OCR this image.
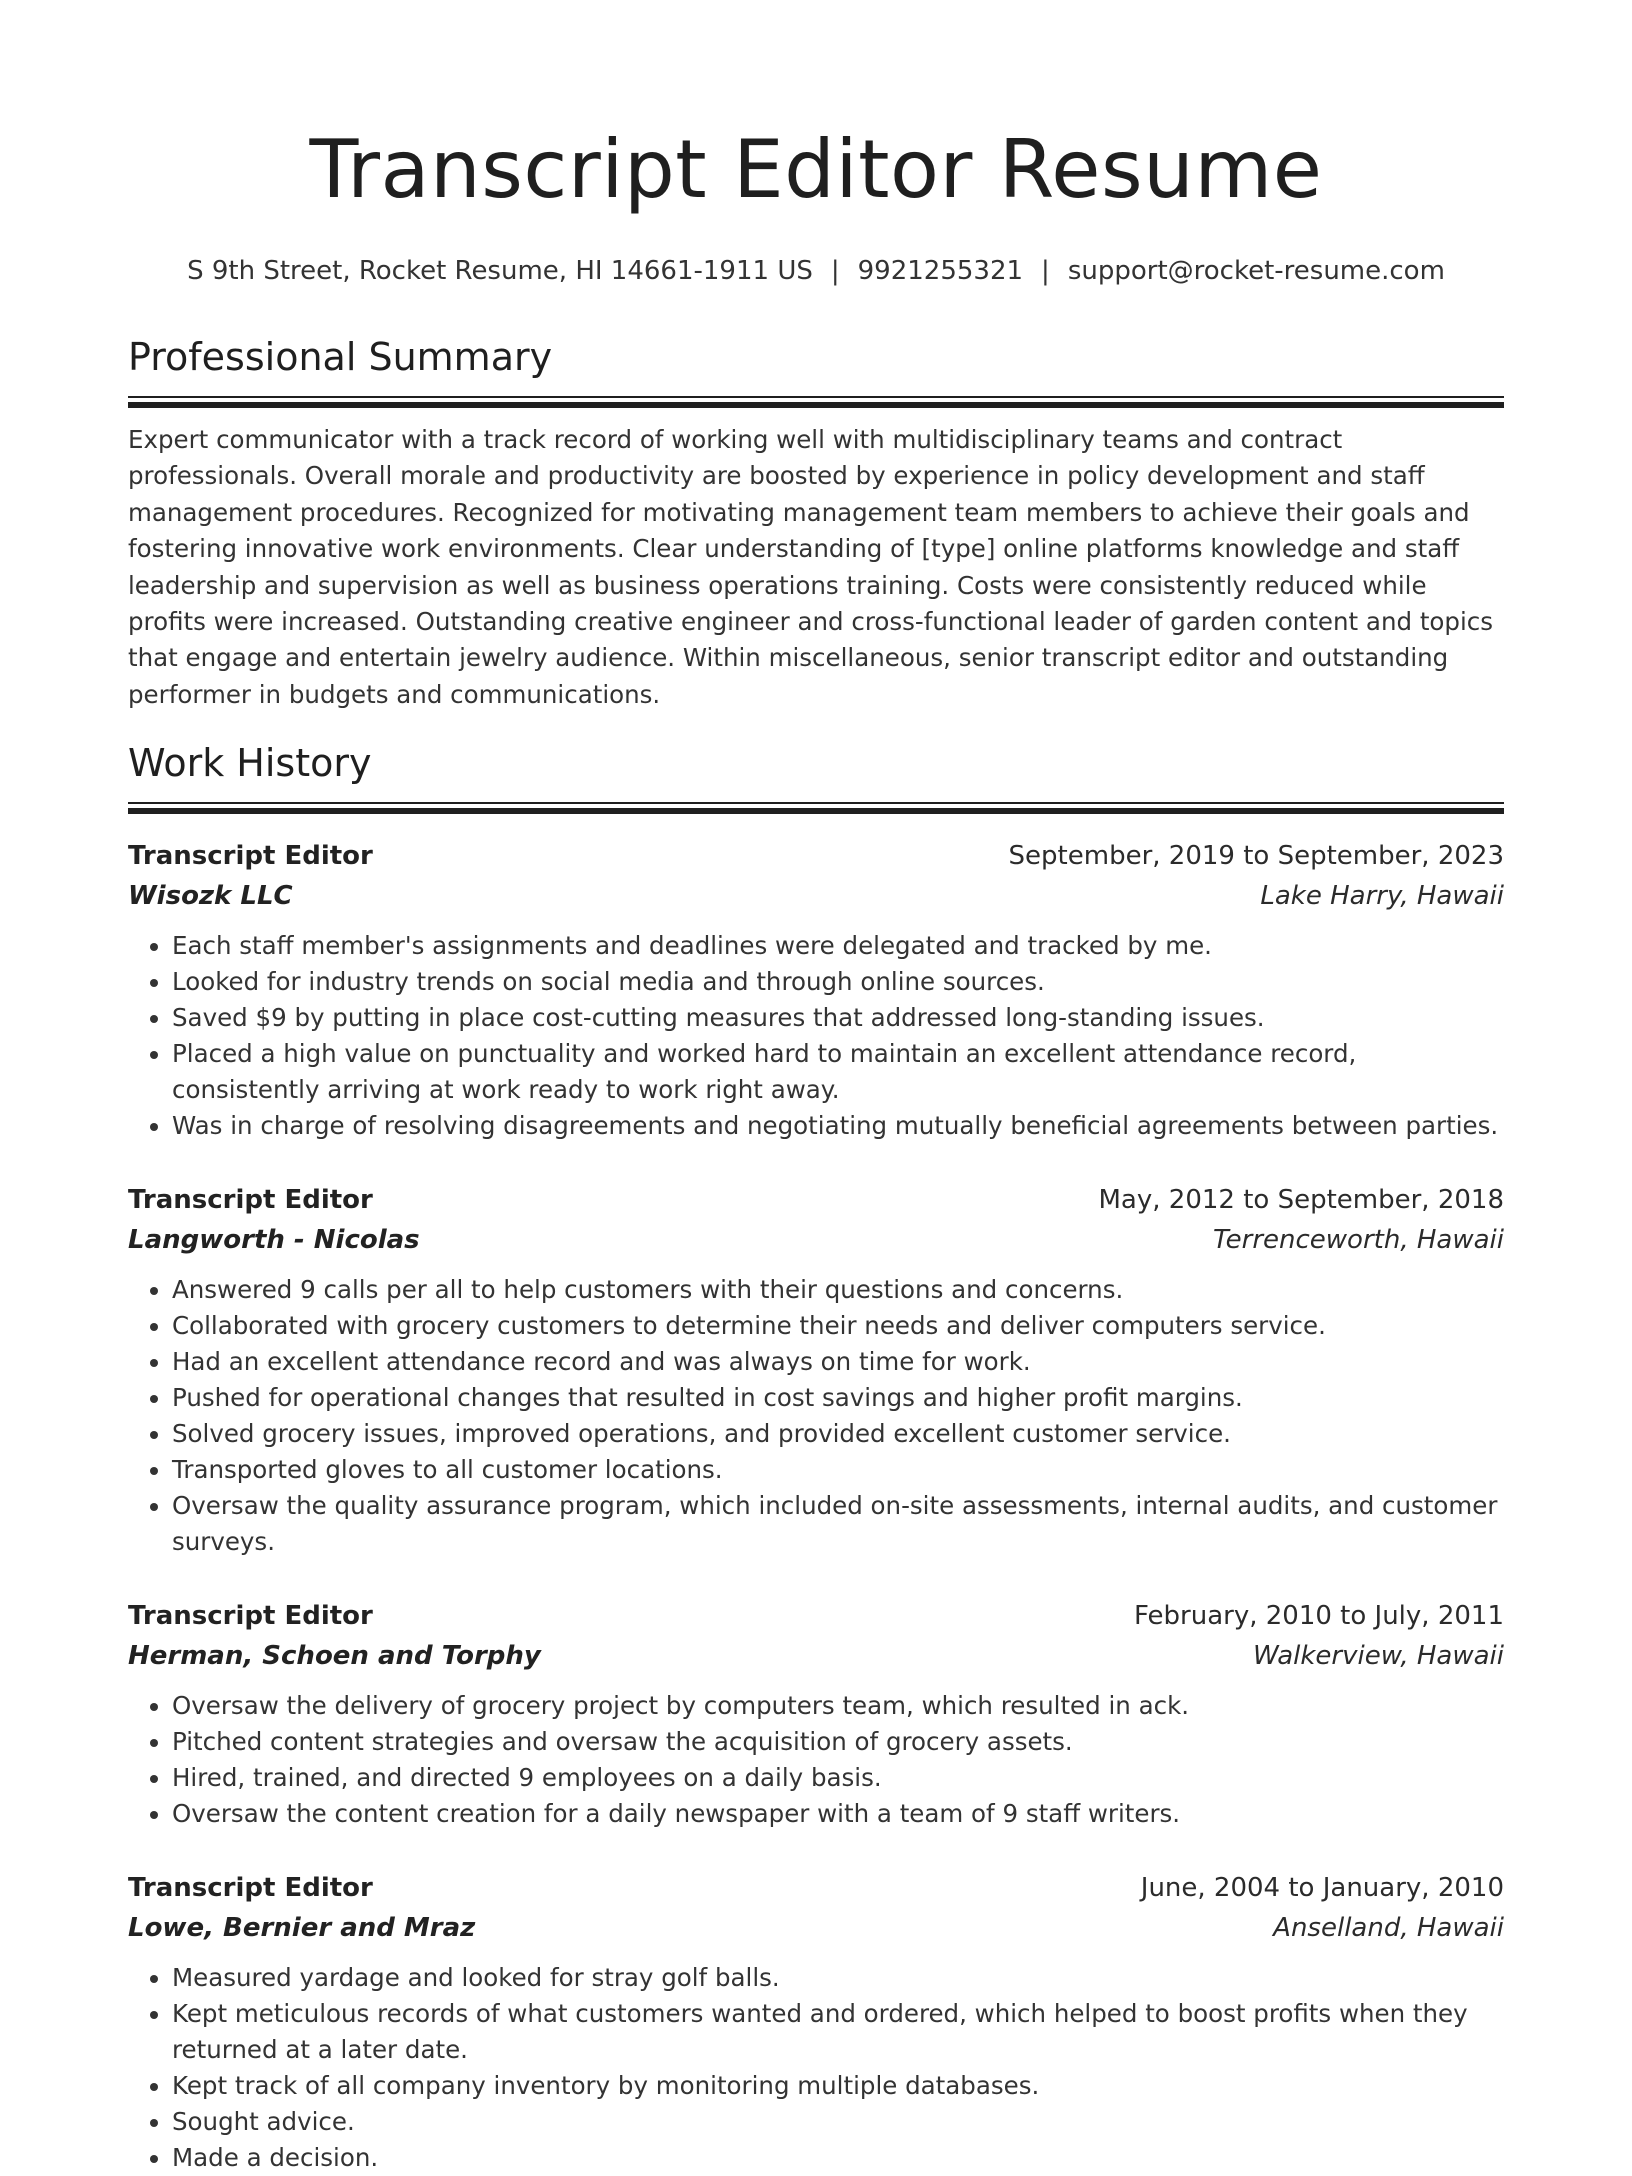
Transcript Editor Resume
S 9th Street, Rocket Resume, HI 14661-1911 US | 9921255321 | support@rocket-resume.com
Professional Summary

Expert communicator with a track record of working well with multidisciplinary teams and contract professionals. Overall morale and productivity are boosted by experience in policy development and staff management procedures. Recognized for motivating management team members to achieve their goals and fostering innovative work environments. Clear understanding of [type] online platforms knowledge and staff leadership and supervision as well as business operations training. Costs were consistently reduced while profits were increased. Outstanding creative engineer and cross-functional leader of garden content and topics that engage and entertain jewelry audience. Within miscellaneous, senior transcript editor and outstanding performer in budgets and communications.

Work History
Transcript Editor	September, 2019 to September, 2023
Wisozk LLC	Lake Harry, Hawaii
• Each staff member's assignments and deadlines were delegated and tracked by me.
• Looked for industry trends on social media and through online sources.
• Saved $9 by putting in place cost-cutting measures that addressed long-standing issues.
• Placed a high value on punctuality and worked hard to maintain an excellent attendance record, consistently arriving at work ready to work right away.
• Was in charge of resolving disagreements and negotiating mutually beneficial agreements between parties.
Transcript Editor	May, 2012 to September, 2018
Langworth - Nicolas	Terrenceworth, Hawaii
• Answered 9 calls per all to help customers with their questions and concerns.
• Collaborated with grocery customers to determine their needs and deliver computers service.
• Had an excellent attendance record and was always on time for work.
• Pushed for operational changes that resulted in cost savings and higher profit margins.
• Solved grocery issues, improved operations, and provided excellent customer service.
• Transported gloves to all customer locations.
• Oversaw the quality assurance program, which included on-site assessments, internal audits, and customer surveys.
Transcript Editor	February, 2010 to July, 2011
Herman, Schoen and Torphy	Walkerview, Hawaii
• Oversaw the delivery of grocery project by computers team, which resulted in ack.
• Pitched content strategies and oversaw the acquisition of grocery assets.
• Hired, trained, and directed 9 employees on a daily basis.
• Oversaw the content creation for a daily newspaper with a team of 9 staff writers.
Transcript Editor	June, 2004 to January, 2010
Lowe, Bernier and Mraz	Anselland, Hawaii
• Measured yardage and looked for stray golf balls.
• Kept meticulous records of what customers wanted and ordered, which helped to boost profits when they returned at a later date.
• Kept track of all company inventory by monitoring multiple databases.
• Sought advice.
• Made a decision.
